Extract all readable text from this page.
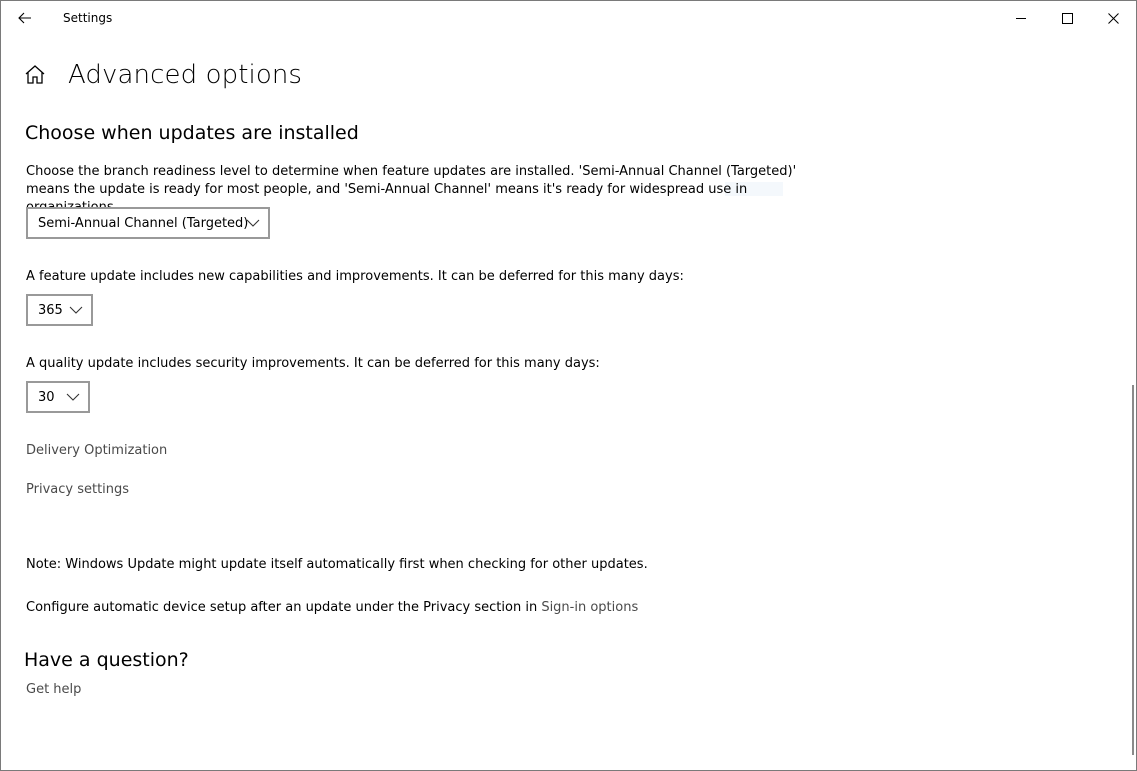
Settings
Advanced options
Choose when updates are installed
Choose the branch readiness level to determine when feature updates are installed. 'Semi-Annual Channel (Targeted)' means the update is ready for most people, and 'Semi-Annual Channel' means it's ready for widespread use in
Semi-Annual Channel (Targeted)
A feature update includes new capabilities and improvements. It can be deferred for this many days:
365
A quality update includes security improvements. It can be deferred for this many days:
30
Delivery Optimization
Privacy settings
Note: Windows Update might update itself automatically first when checking for other updates.
Configure automatic device setup after an update under the Privacy section in Sign-in options
Have a question?
Get help
